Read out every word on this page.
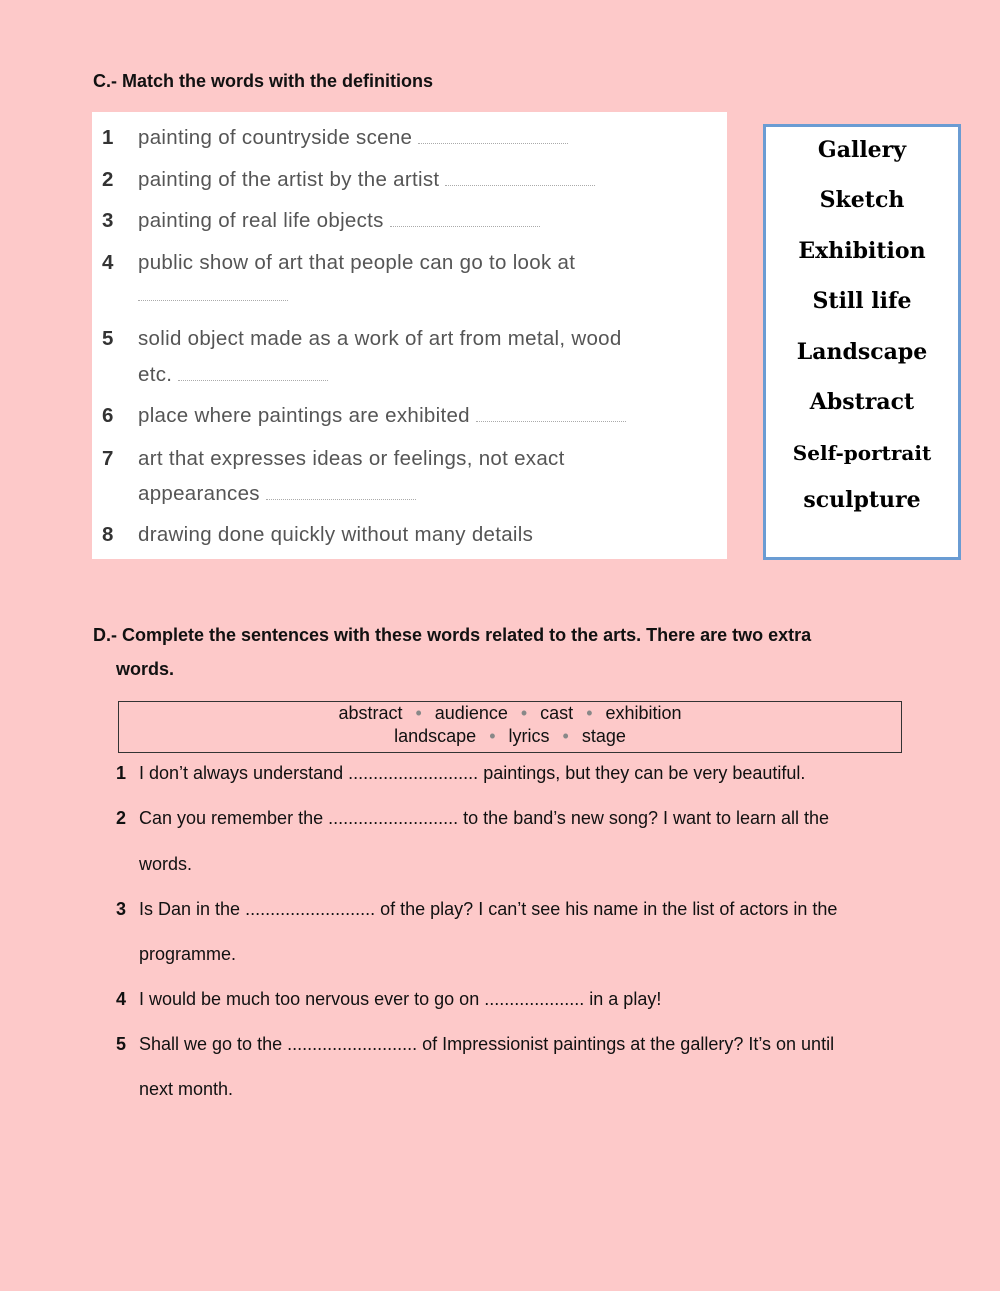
C.- Match the words with the definitions
1 painting of countryside scene
2 painting of the artist by the artist
3 painting of real life objects
4 public show of art that people can go to look at
5 solid object made as a work of art from metal, wood
etc.
6 place where paintings are exhibited
7 art that expresses ideas or feelings, not exact
appearances
8 drawing done quickly without many details
Gallery
Sketch
Exhibition
Still life
Landscape
Abstract
Self-portrait
sculpture
D.- Complete the sentences with these words related to the arts. There are two extra
words.
abstract • audience • cast • exhibition
landscape • lyrics • stage
1 I don’t always understand .......................... paintings, but they can be very beautiful.
2 Can you remember the .......................... to the band’s new song? I want to learn all the
words.
3 Is Dan in the .......................... of the play? I can’t see his name in the list of actors in the
programme.
4 I would be much too nervous ever to go on .................... in a play!
5 Shall we go to the .......................... of Impressionist paintings at the gallery? It’s on until
next month.
